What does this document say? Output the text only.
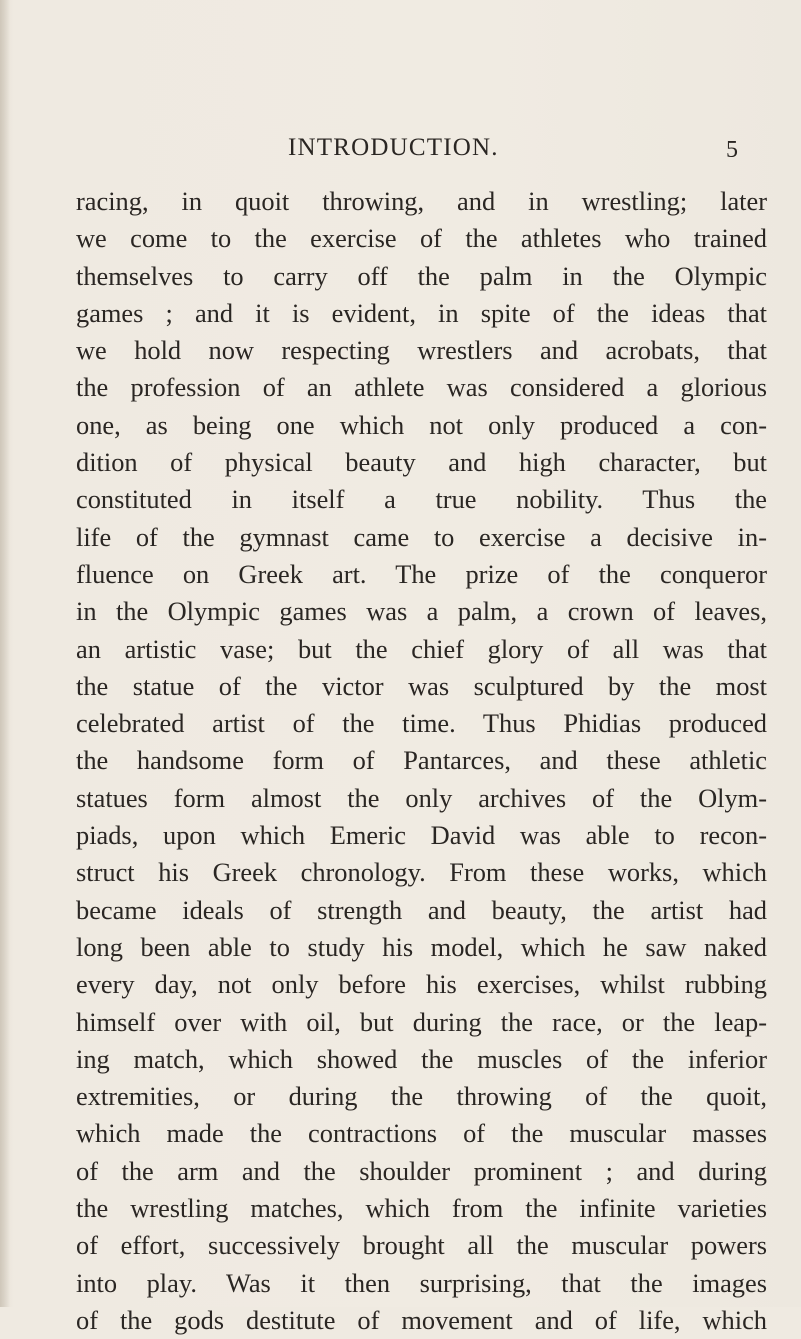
INTRODUCTION.	5
racing, in quoit throwing, and in wrestling; later
we come to the exercise of the athletes who trained
themselves to carry off the palm in the Olympic
games ; and it is evident, in spite of the ideas that
we hold now respecting wrestlers and acrobats, that
the profession of an athlete was considered a glorious
one, as being one which not only produced a con-
dition of physical beauty and high character, but
constituted in itself a true nobility. Thus the
life of the gymnast came to exercise a decisive in-
fluence on Greek art. The prize of the conqueror
in the Olympic games was a palm, a crown of leaves,
an artistic vase; but the chief glory of all was that
the statue of the victor was sculptured by the most
celebrated artist of the time. Thus Phidias produced
the handsome form of Pantarces, and these athletic
statues form almost the only archives of the Olym-
piads, upon which Emeric David was able to recon-
struct his Greek chronology. From these works, which
became ideals of strength and beauty, the artist had
long been able to study his model, which he saw naked
every day, not only before his exercises, whilst rubbing
himself over with oil, but during the race, or the leap-
ing match, which showed the muscles of the inferior
extremities, or during the throwing of the quoit,
which made the contractions of the muscular masses
of the arm and the shoulder prominent ; and during
the wrestling matches, which from the infinite varieties
of effort, successively brought all the muscular powers
into play. Was it then surprising, that the images
of the gods destitute of movement and of life, which
